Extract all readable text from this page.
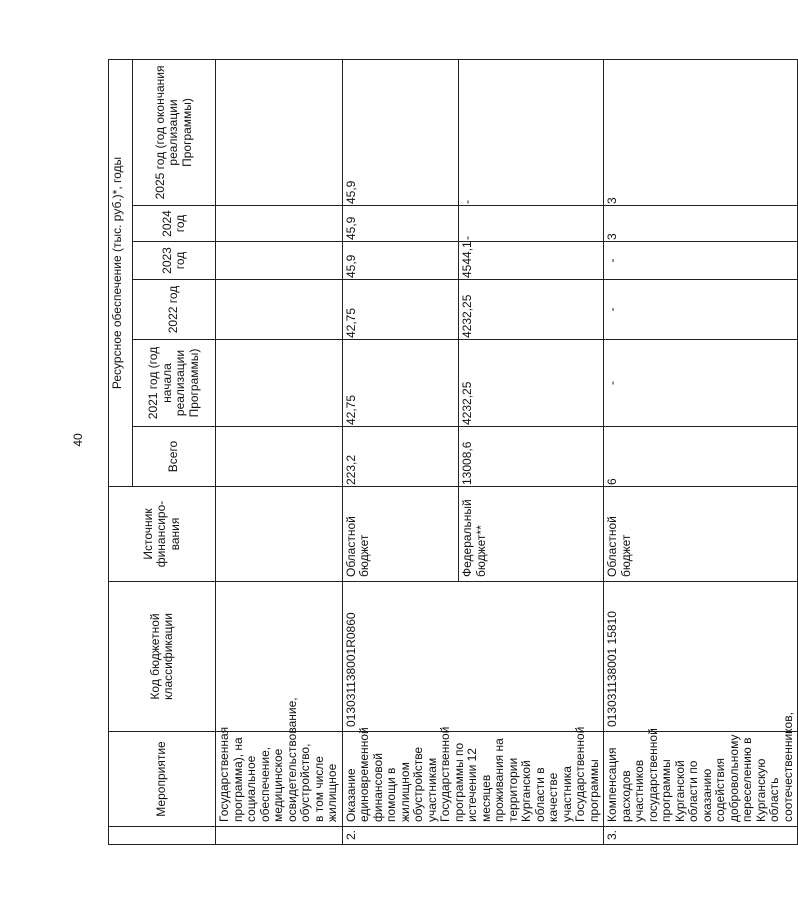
40
	Мероприятие	Код бюджетной классификации	Источник финансиро-вания	Ресурсное обеспечение (тыс. руб.)*, годы					
				Всего	2021 год (год начала реализации Программы)	2022 год	2023 год	2024 год	2025 год (год окончания реализации Программы)
	Государственная программа), на социальное обеспечение, медицинское освидетельствование, обустройство, в том числе жилищное								
2.	Оказание единовременной финансовой помощи в жилищном обустройстве участникам Государственной программы по истечении 12 месяцев проживания на территории Курганской области в качестве участника Государственной программы	013031138001R0860	Областной бюджет	223,2	42,75	42,75	45,9	45,9	45,9
			Федеральный бюджет**	13008,6	4232,25	4232,25	4544,1	-	-
3.	Компенсация расходов участников государственной программы Курганской области по оказанию содействия добровольному переселению в Курганскую область соотечественников,	013031138001 15810	Областной бюджет	6	-	-	-	3	3
